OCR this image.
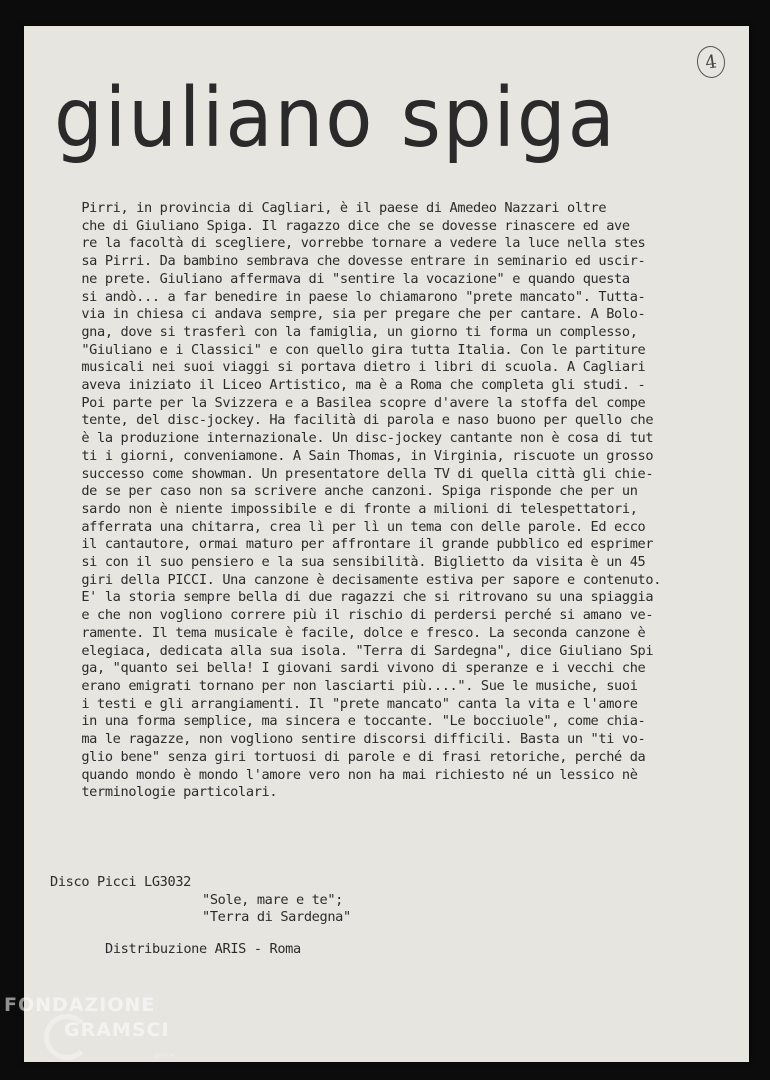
4
giuliano spiga
Pirri, in provincia di Cagliari, è il paese di Amedeo Nazzari oltre
che di Giuliano Spiga. Il ragazzo dice che se dovesse rinascere ed ave
re la facoltà di scegliere, vorrebbe tornare a vedere la luce nella stes
sa Pirri. Da bambino sembrava che dovesse entrare in seminario ed uscir-
ne prete. Giuliano affermava di "sentire la vocazione" e quando questa
si andò... a far benedire in paese lo chiamarono "prete mancato". Tutta-
via in chiesa ci andava sempre, sia per pregare che per cantare. A Bolo-
gna, dove si trasferì con la famiglia, un giorno ti forma un complesso,
"Giuliano e i Classici" e con quello gira tutta Italia. Con le partiture
musicali nei suoi viaggi si portava dietro i libri di scuola. A Cagliari
aveva iniziato il Liceo Artistico, ma è a Roma che completa gli studi. -
Poi parte per la Svizzera e a Basilea scopre d'avere la stoffa del compe
tente, del disc-jockey. Ha facilità di parola e naso buono per quello che
è la produzione internazionale. Un disc-jockey cantante non è cosa di tut
ti i giorni, conveniamone. A Sain Thomas, in Virginia, riscuote un grosso
successo come showman. Un presentatore della TV di quella città gli chie-
de se per caso non sa scrivere anche canzoni. Spiga risponde che per un
sardo non è niente impossibile e di fronte a milioni di telespettatori,
afferrata una chitarra, crea lì per lì un tema con delle parole. Ed ecco
il cantautore, ormai maturo per affrontare il grande pubblico ed esprimer
si con il suo pensiero e la sua sensibilità. Biglietto da visita è un 45
giri della PICCI. Una canzone è decisamente estiva per sapore e contenuto.
E' la storia sempre bella di due ragazzi che si ritrovano su una spiaggia
e che non vogliono correre più il rischio di perdersi perché si amano ve-
ramente. Il tema musicale è facile, dolce e fresco. La seconda canzone è
elegiaca, dedicata alla sua isola. "Terra di Sardegna", dice Giuliano Spi
ga, "quanto sei bella! I giovani sardi vivono di speranze e i vecchi che
erano emigrati tornano per non lasciarti più....". Sue le musiche, suoi
i testi e gli arrangiamenti. Il "prete mancato" canta la vita e l'amore
in una forma semplice, ma sincera e toccante. "Le bocciuole", come chia-
ma le ragazze, non vogliono sentire discorsi difficili. Basta un "ti vo-
glio bene" senza giri tortuosi di parole e di frasi retoriche, perché da
quando mondo è mondo l'amore vero non ha mai richiesto né un lessico nè
terminologie particolari.
Disco Picci LG3032
"Sole, mare e te";
"Terra di Sardegna"
Distribuzione ARIS - Roma
FONDAZIONE
GRAMSCI
onlus
